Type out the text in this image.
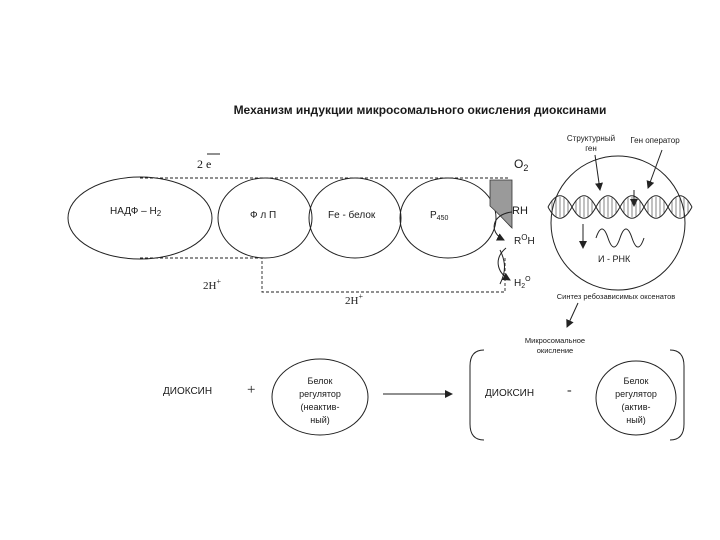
Механизм индукции микросомального окисления диоксинами
2 e	$O_2$
НАДФ – $Н_2$	Ф л П	Fe - белок	$Р_{450}$
RH
$R^OH$
$H_2^O$
2H+
2H+
Структурный
ген
Ген оператор
И - РНК
Синтез ребозависимых оксенатов
Микросомальное
окисление
ДИОКСИН +
Белок
регулятор
(неактив-
ный)
ДИОКСИН -
Белок
регулятор
(актив-
ный)
